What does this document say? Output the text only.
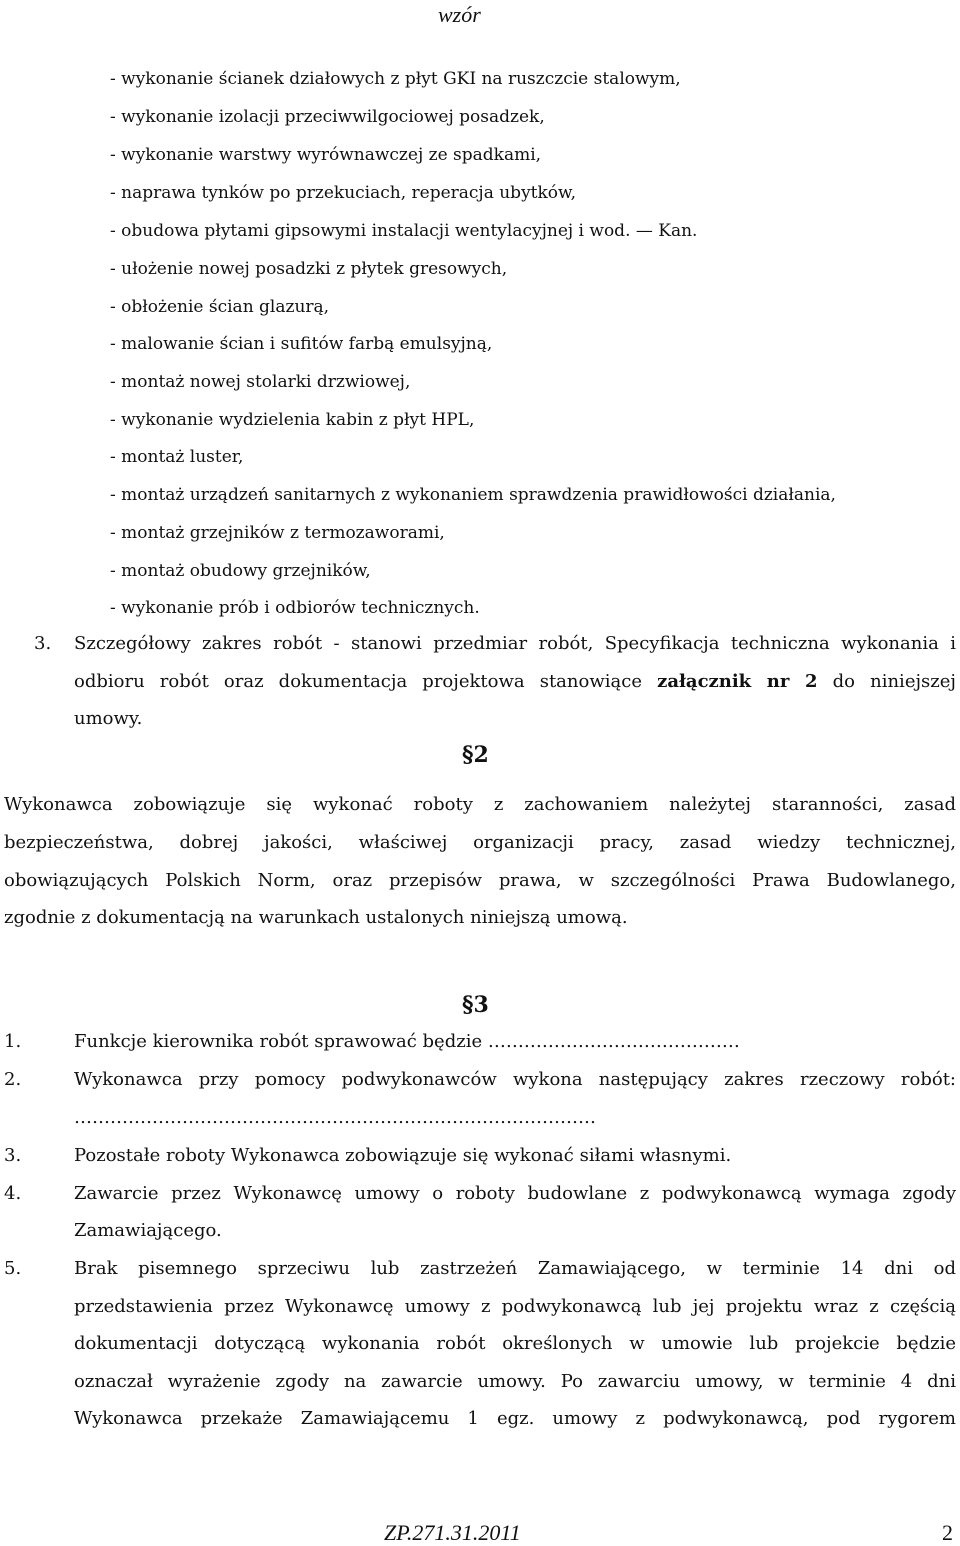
wzór
- wykonanie ścianek działowych z płyt GKI na ruszczcie stalowym,
- wykonanie izolacji przeciwwilgociowej posadzek,
- wykonanie warstwy wyrównawczej ze spadkami,
- naprawa tynków po przekuciach, reperacja ubytków,
- obudowa płytami gipsowymi instalacji wentylacyjnej i wod. — Kan.
- ułożenie nowej posadzki z płytek gresowych,
- obłożenie ścian glazurą,
- malowanie ścian i sufitów farbą emulsyjną,
- montaż nowej stolarki drzwiowej,
- wykonanie wydzielenia kabin z płyt HPL,
- montaż luster,
- montaż urządzeń sanitarnych z wykonaniem sprawdzenia prawidłowości działania,
- montaż grzejników z termozaworami,
- montaż obudowy grzejników,
- wykonanie prób i odbiorów technicznych.
3. Szczegółowy zakres robót - stanowi przedmiar robót, Specyfikacja techniczna wykonania i
odbioru robót oraz dokumentacja projektowa stanowiące załącznik nr 2 do niniejszej
umowy.
§2
Wykonawca zobowiązuje się wykonać roboty z zachowaniem należytej staranności, zasad
bezpieczeństwa, dobrej jakości, właściwej organizacji pracy, zasad wiedzy technicznej,
obowiązujących Polskich Norm, oraz przepisów prawa, w szczególności Prawa Budowlanego,
zgodnie z dokumentacją na warunkach ustalonych niniejszą umową.
§3
1.	Funkcje kierownika robót sprawować będzie ……………………………………
2.	Wykonawca przy pomocy podwykonawców wykona następujący zakres rzeczowy robót:
……………………………………………………………………………
3.	Pozostałe roboty Wykonawca zobowiązuje się wykonać siłami własnymi.
4.	Zawarcie przez Wykonawcę umowy o roboty budowlane z podwykonawcą wymaga zgody
Zamawiającego.
5.	Brak pisemnego sprzeciwu lub zastrzeżeń Zamawiającego, w terminie 14 dni od
przedstawienia przez Wykonawcę umowy z podwykonawcą lub jej projektu wraz z częścią
dokumentacji dotyczącą wykonania robót określonych w umowie lub projekcie będzie
oznaczał wyrażenie zgody na zawarcie umowy. Po zawarciu umowy, w terminie 4 dni
Wykonawca przekaże Zamawiającemu 1 egz. umowy z podwykonawcą, pod rygorem
ZP.271.31.2011	2
